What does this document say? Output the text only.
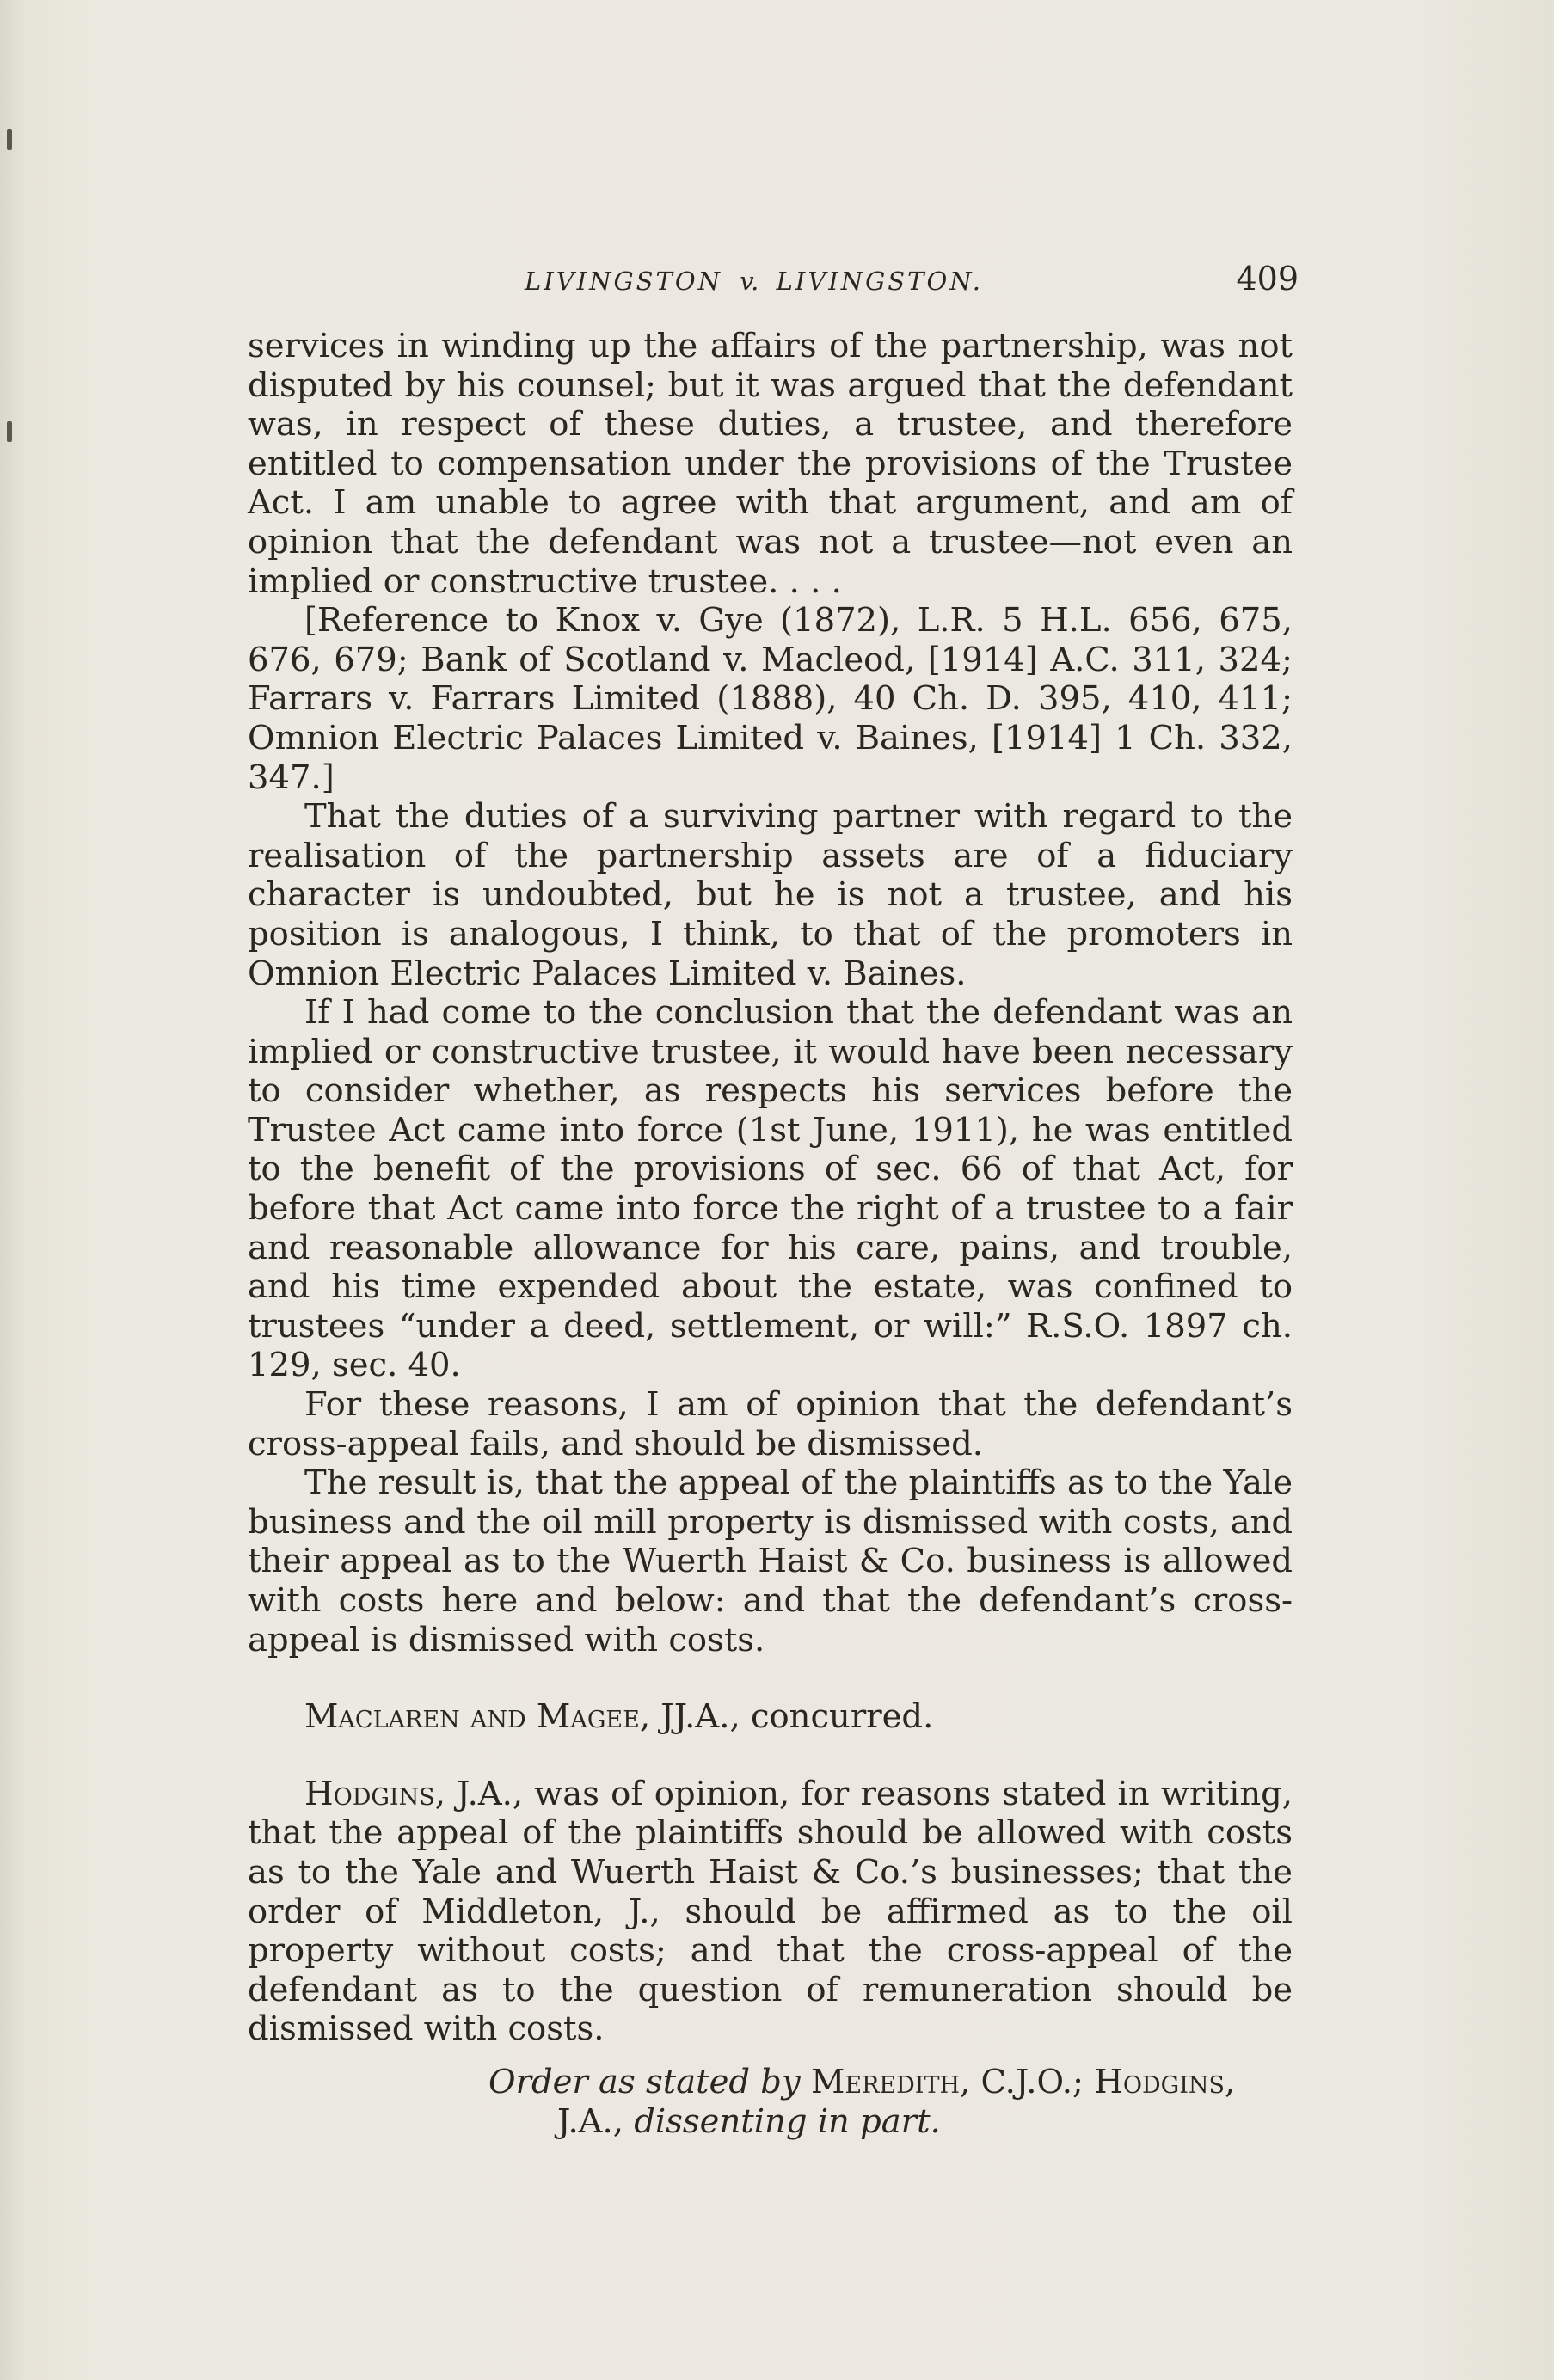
LIVINGSTON v. LIVINGSTON.	409

services in winding up the affairs of the partnership, was not disputed by his counsel; but it was argued that the defendant was, in respect of these duties, a trustee, and therefore entitled to compensation under the provisions of the Trustee Act. I am unable to agree with that argument, and am of opinion that the defendant was not a trustee—not even an implied or constructive trustee. . . .

[Reference to Knox v. Gye (1872), L.R. 5 H.L. 656, 675, 676, 679; Bank of Scotland v. Macleod, [1914] A.C. 311, 324; Farrars v. Farrars Limited (1888), 40 Ch. D. 395, 410, 411; Omnion Electric Palaces Limited v. Baines, [1914] 1 Ch. 332, 347.]

That the duties of a surviving partner with regard to the realisation of the partnership assets are of a fiduciary character is undoubted, but he is not a trustee, and his position is analogous, I think, to that of the promoters in Omnion Electric Palaces Limited v. Baines.

If I had come to the conclusion that the defendant was an implied or constructive trustee, it would have been necessary to consider whether, as respects his services before the Trustee Act came into force (1st June, 1911), he was entitled to the benefit of the provisions of sec. 66 of that Act, for before that Act came into force the right of a trustee to a fair and reasonable allowance for his care, pains, and trouble, and his time expended about the estate, was confined to trustees “under a deed, settlement, or will:” R.S.O. 1897 ch. 129, sec. 40.

For these reasons, I am of opinion that the defendant’s cross-appeal fails, and should be dismissed.

The result is, that the appeal of the plaintiffs as to the Yale business and the oil mill property is dismissed with costs, and their appeal as to the Wuerth Haist & Co. business is allowed with costs here and below: and that the defendant’s cross-appeal is dismissed with costs.

Maclaren and Magee, JJ.A., concurred.

Hodgins, J.A., was of opinion, for reasons stated in writing, that the appeal of the plaintiffs should be allowed with costs as to the Yale and Wuerth Haist & Co.’s businesses; that the order of Middleton, J., should be affirmed as to the oil property without costs; and that the cross-appeal of the defendant as to the question of remuneration should be dismissed with costs.

Order as stated by Meredith, C.J.O.; Hodgins,
J.A., dissenting in part.
